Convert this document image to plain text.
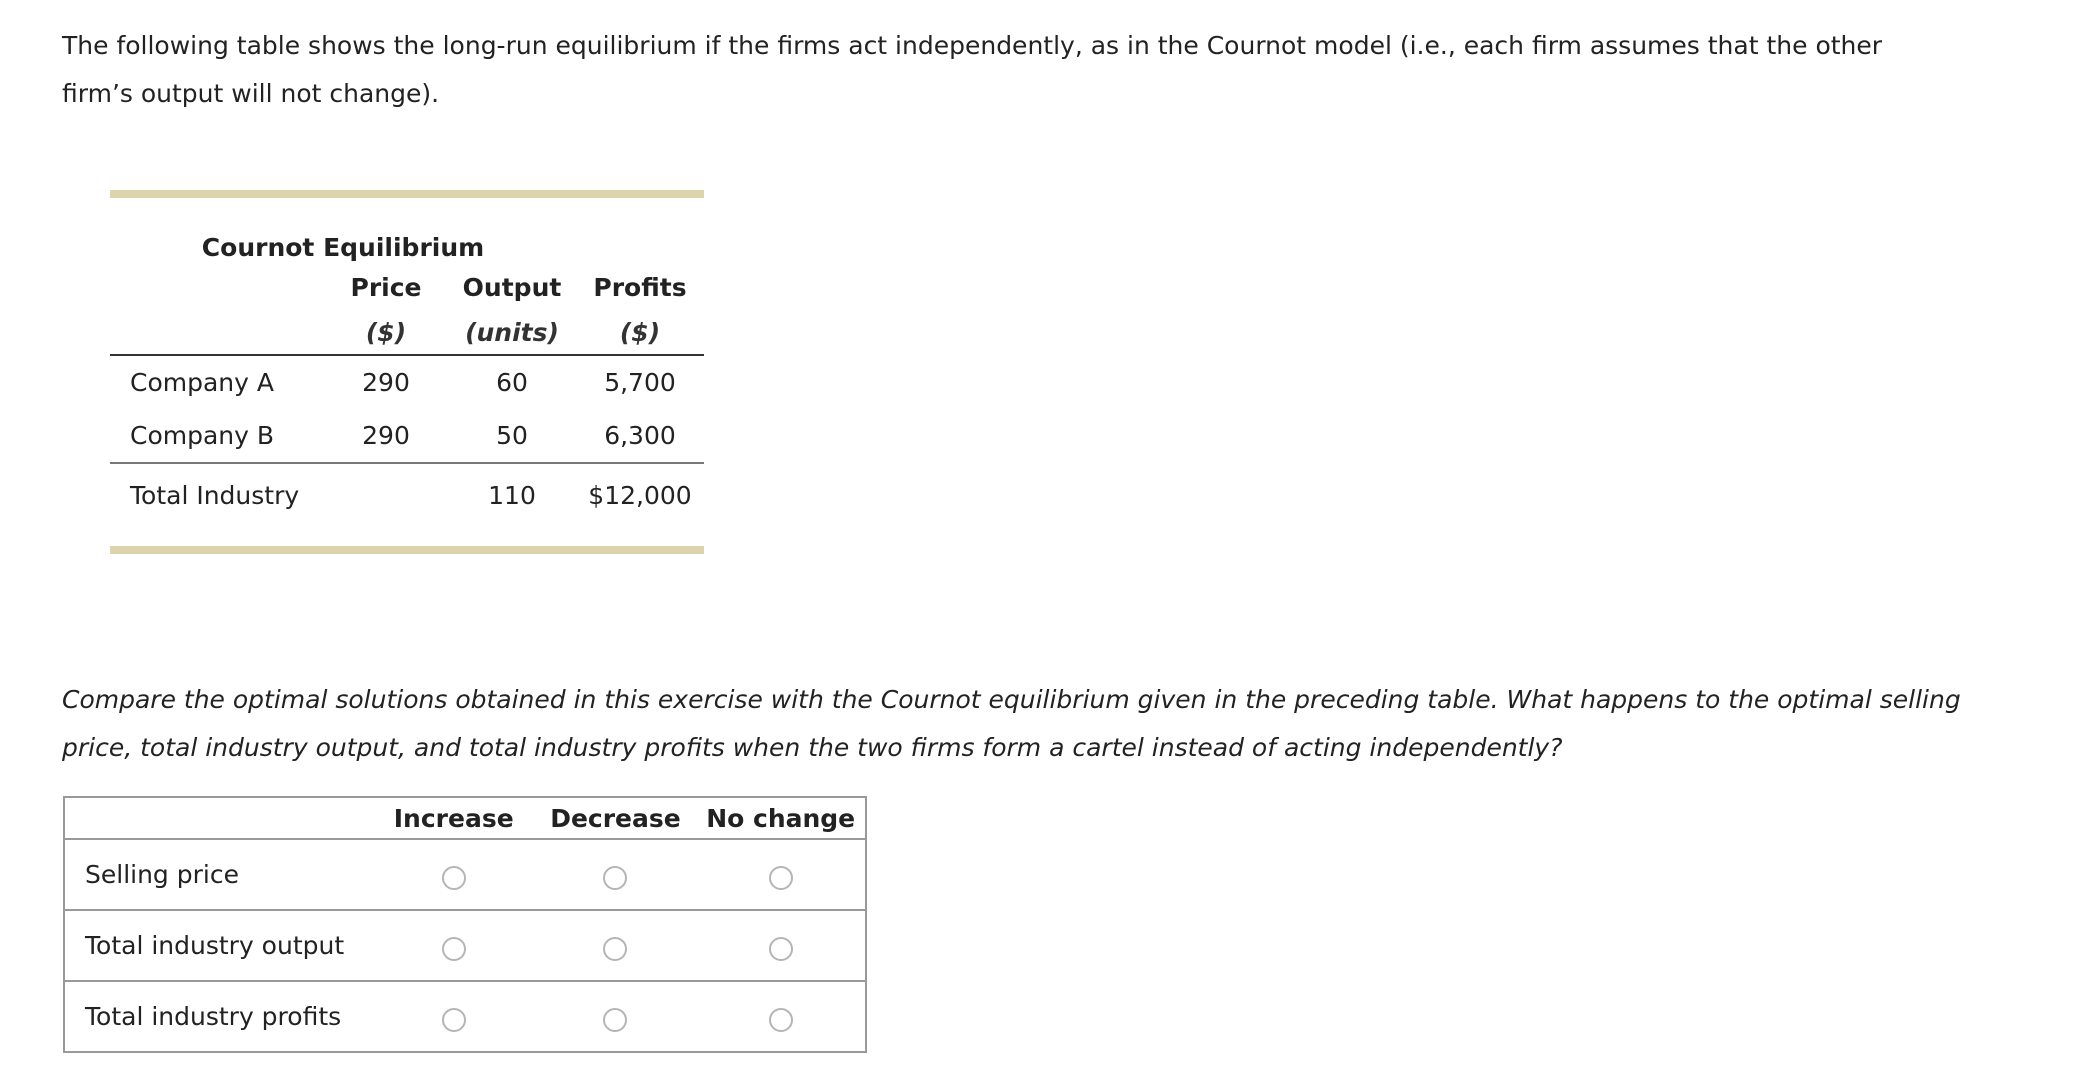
The following table shows the long-run equilibrium if the firms act independently, as in the Cournot model (i.e., each firm assumes that the other
firm’s output will not change).

Cournot Equilibrium			
	Price	Output	Profits
	($)	(units)	($)
Company A	290	60	5,700
Company B	290	50	6,300
Total Industry		110	$12,000

Compare the optimal solutions obtained in this exercise with the Cournot equilibrium given in the preceding table. What happens to the optimal selling
price, total industry output, and total industry profits when the two firms form a cartel instead of acting independently?

	Increase	Decrease	No change
Selling price			
Total industry output			
Total industry profits			
